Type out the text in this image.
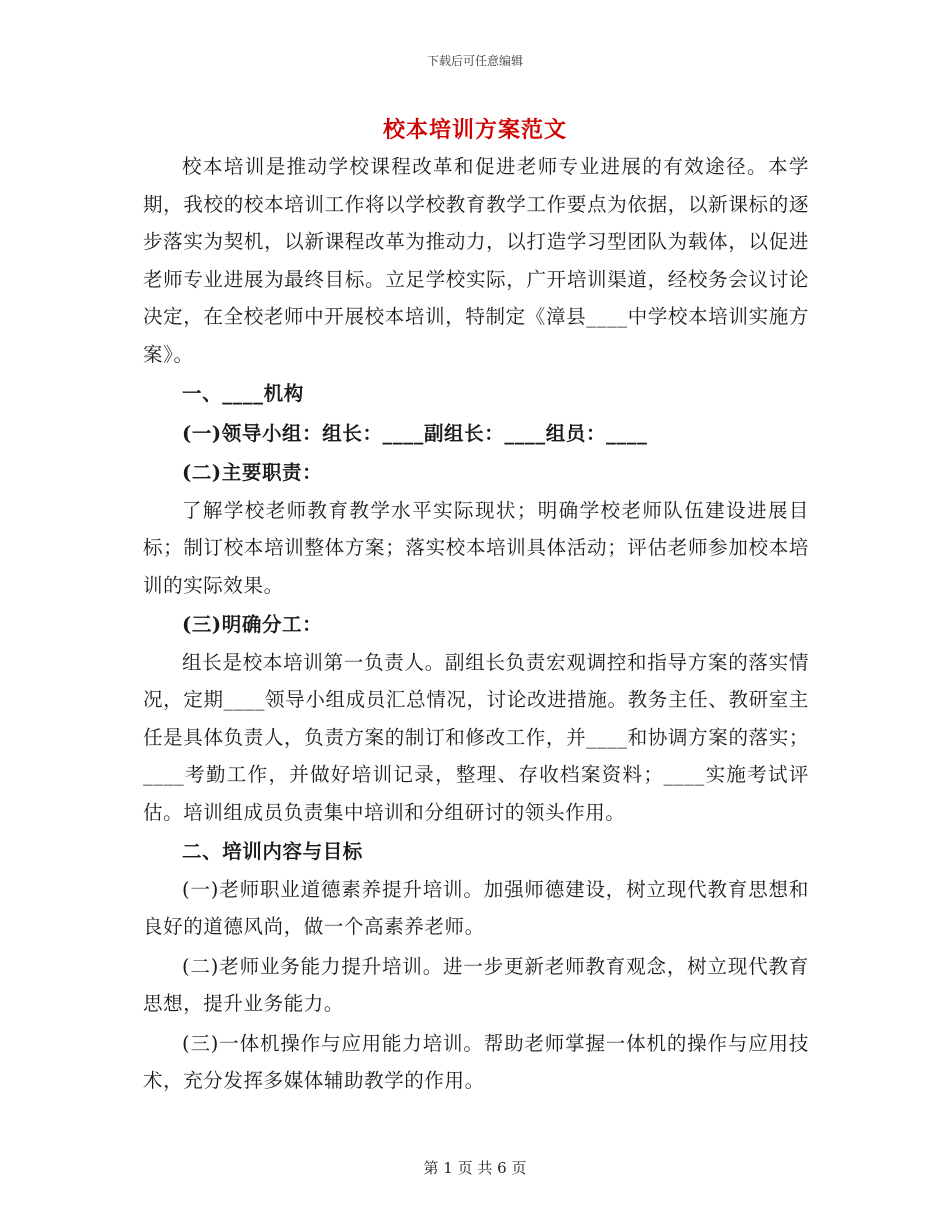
下载后可任意编辑
校本培训方案范文

校本培训是推动学校课程改革和促进老师专业进展的有效途径。本学期，我校的校本培训工作将以学校教育教学工作要点为依据，以新课标的逐步落实为契机，以新课程改革为推动力，以打造学习型团队为载体，以促进老师专业进展为最终目标。立足学校实际，广开培训渠道，经校务会议讨论决定，在全校老师中开展校本培训，特制定《漳县____中学校本培训实施方案》。

一、____机构

(一)领导小组：组长：____副组长：____组员：____

(二)主要职责：

了解学校老师教育教学水平实际现状；明确学校老师队伍建设进展目标；制订校本培训整体方案；落实校本培训具体活动；评估老师参加校本培训的实际效果。

(三)明确分工：

组长是校本培训第一负责人。副组长负责宏观调控和指导方案的落实情况，定期____领导小组成员汇总情况，讨论改进措施。教务主任、教研室主任是具体负责人，负责方案的制订和修改工作，并____和协调方案的落实；____考勤工作，并做好培训记录，整理、存收档案资料；____实施考试评估。培训组成员负责集中培训和分组研讨的领头作用。

二、培训内容与目标

(一)老师职业道德素养提升培训。加强师德建设，树立现代教育思想和良好的道德风尚，做一个高素养老师。

(二)老师业务能力提升培训。进一步更新老师教育观念，树立现代教育思想，提升业务能力。

(三)一体机操作与应用能力培训。帮助老师掌握一体机的操作与应用技术，充分发挥多媒体辅助教学的作用。

第 1 页 共 6 页
